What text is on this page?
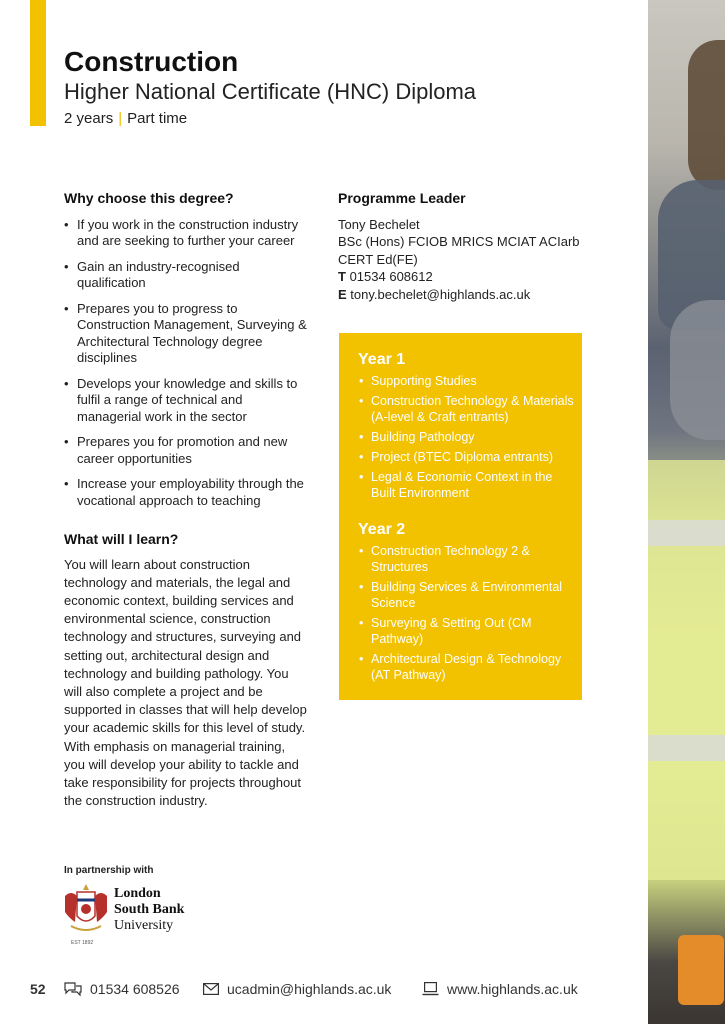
Construction
Higher National Certificate (HNC) Diploma
2 years | Part time
Why choose this degree?
• If you work in the construction industry and are seeking to further your career
• Gain an industry-recognised qualification
• Prepares you to progress to Construction Management, Surveying & Architectural Technology degree disciplines
• Develops your knowledge and skills to fulfil a range of technical and managerial work in the sector
• Prepares you for promotion and new career opportunities
• Increase your employability through the vocational approach to teaching
What will I learn?
You will learn about construction technology and materials, the legal and economic context, building services and environmental science, construction technology and structures, surveying and setting out, architectural design and technology and building pathology. You will also complete a project and be supported in classes that will help develop your academic skills for this level of study. With emphasis on managerial training, you will develop your ability to tackle and take responsibility for projects throughout the construction industry.
In partnership with
EST 1892
London
South Bank
University
Programme Leader
Tony Bechelet
BSc (Hons) FCIOB MRICS MCIAT ACIarb
CERT Ed(FE)
T 01534 608612
E tony.bechelet@highlands.ac.uk
Year 1
• Supporting Studies
• Construction Technology & Materials (A-level & Craft entrants)
• Building Pathology
• Project (BTEC Diploma entrants)
• Legal & Economic Context in the Built Environment
Year 2
• Construction Technology 2 & Structures
• Building Services & Environmental Science
• Surveying & Setting Out (CM Pathway)
• Architectural Design & Technology (AT Pathway)
52	01534 608526	ucadmin@highlands.ac.uk	www.highlands.ac.uk
